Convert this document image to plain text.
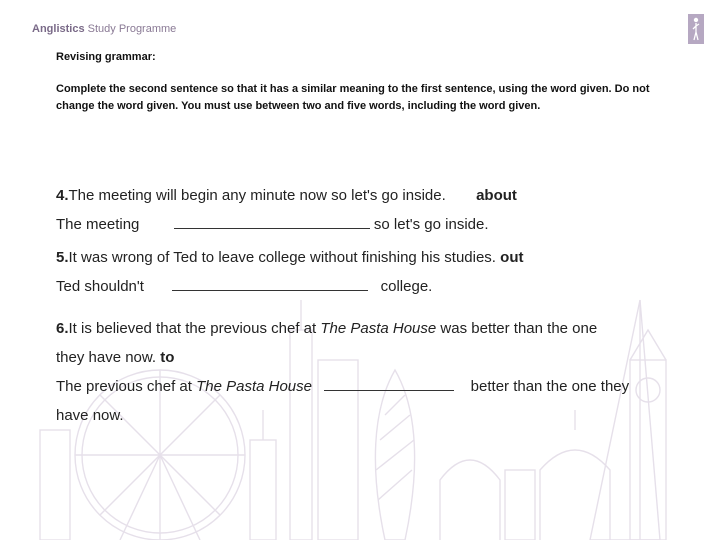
Anglistics Study Programme
Revising grammar:
Complete the second sentence so that it has a similar meaning to the first sentence, using the word given. Do not change the word given. You must use between two and five words, including the word given.
4.The meeting will begin any minute now so let's go inside. about
The meeting	so let's go inside.
5.It was wrong of Ted to leave college without finishing his studies. out
Ted shouldn't	college.
6.It is believed that the previous chef at The Pasta House was better than the one
they have now. to
The previous chef at The Pasta House	better than the one they
have now.
